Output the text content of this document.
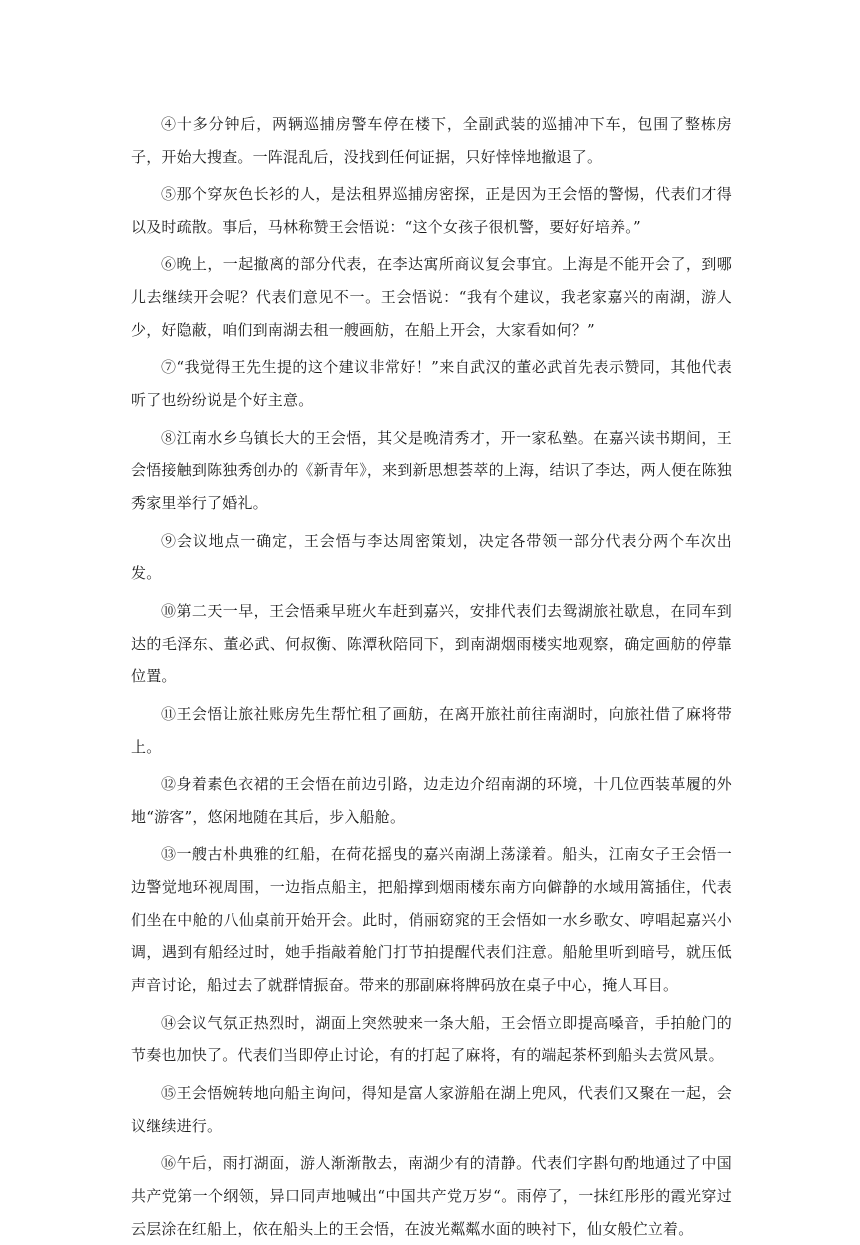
④十多分钟后，两辆巡捕房警车停在楼下，全副武装的巡捕冲下车，包围了整栋房子，开始大搜查。一阵混乱后，没找到任何证据，只好悻悻地撤退了。

⑤那个穿灰色长衫的人，是法租界巡捕房密探，正是因为王会悟的警惕，代表们才得以及时疏散。事后，马林称赞王会悟说：“这个女孩子很机警，要好好培养。”

⑥晚上，一起撤离的部分代表，在李达寓所商议复会事宜。上海是不能开会了，到哪儿去继续开会呢？代表们意见不一。王会悟说：“我有个建议，我老家嘉兴的南湖，游人少，好隐蔽，咱们到南湖去租一艘画舫，在船上开会，大家看如何？”

⑦“我觉得王先生提的这个建议非常好！”来自武汉的董必武首先表示赞同，其他代表听了也纷纷说是个好主意。

⑧江南水乡乌镇长大的王会悟，其父是晚清秀才，开一家私塾。在嘉兴读书期间，王会悟接触到陈独秀创办的《新青年》，来到新思想荟萃的上海，结识了李达，两人便在陈独秀家里举行了婚礼。

⑨会议地点一确定，王会悟与李达周密策划，决定各带领一部分代表分两个车次出发。

⑩第二天一早，王会悟乘早班火车赶到嘉兴，安排代表们去鸳湖旅社歇息，在同车到达的毛泽东、董必武、何叔衡、陈潭秋陪同下，到南湖烟雨楼实地观察，确定画舫的停靠位置。

⑪王会悟让旅社账房先生帮忙租了画舫，在离开旅社前往南湖时，向旅社借了麻将带上。

⑫身着素色衣裙的王会悟在前边引路，边走边介绍南湖的环境，十几位西装革履的外地“游客”，悠闲地随在其后，步入船舱。

⑬一艘古朴典雅的红船，在荷花摇曳的嘉兴南湖上荡漾着。船头，江南女子王会悟一边警觉地环视周围，一边指点船主，把船撑到烟雨楼东南方向僻静的水域用篙插住，代表们坐在中舱的八仙桌前开始开会。此时，俏丽窈窕的王会悟如一水乡歌女、哼唱起嘉兴小调，遇到有船经过时，她手指敲着舱门打节拍提醒代表们注意。船舱里听到暗号，就压低声音讨论，船过去了就群情振奋。带来的那副麻将牌码放在桌子中心，掩人耳目。

⑭会议气氛正热烈时，湖面上突然驶来一条大船，王会悟立即提高嗓音，手拍舱门的节奏也加快了。代表们当即停止讨论，有的打起了麻将，有的端起茶杯到船头去赏风景。

⑮王会悟婉转地向船主询问，得知是富人家游船在湖上兜风，代表们又聚在一起，会议继续进行。

⑯午后，雨打湖面，游人渐渐散去，南湖少有的清静。代表们字斟句酌地通过了中国共产党第一个纲领，异口同声地喊出“中国共产党万岁“。雨停了，一抹红彤彤的霞光穿过云层涂在红船上，依在船头上的王会悟，在波光粼粼水面的映衬下，仙女般伫立着。
